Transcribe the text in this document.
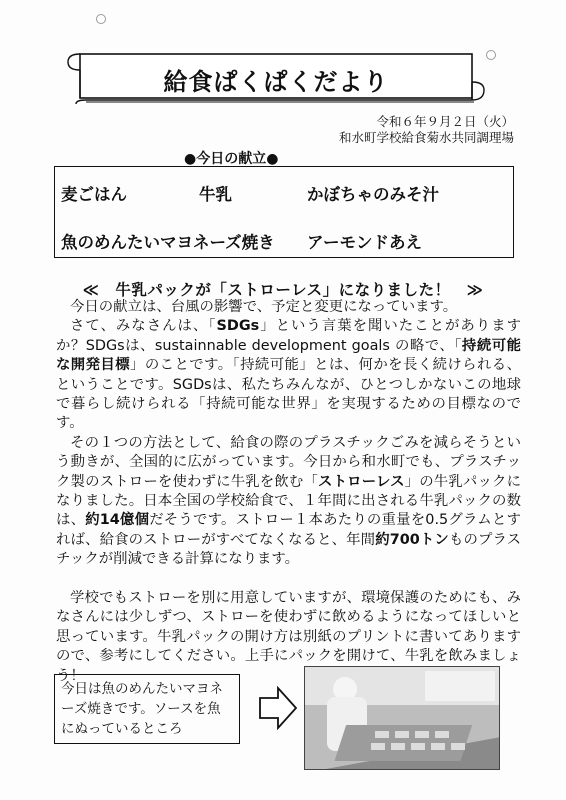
給食ぱくぱくだより
令和６年９月２日（火）
和水町学校給食菊水共同調理場
●今日の献立●
麦ごはん	牛乳	かぼちゃのみそ汁
魚のめんたいマヨネーズ焼き アーモンドあえ
≪　牛乳パックが「ストローレス」になりました！　≫

今日の献立は、台風の影響で、予定と変更になっています。

さて、みなさんは、「SDGs」という言葉を聞いたことがありますか？SDGsは、sustainnable development goals の略で、「持続可能な開発目標」のことです。「持続可能」とは、何かを長く続けられる、ということです。SGDsは、私たちみんなが、ひとつしかないこの地球で暮らし続けられる「持続可能な世界」を実現するための目標なのです。

その１つの方法として、給食の際のプラスチックごみを減らそうという動きが、全国的に広がっています。今日から和水町でも、プラスチック製のストローを使わずに牛乳を飲む「ストローレス」の牛乳パックになりました。日本全国の学校給食で、１年間に出される牛乳パックの数は、約14億個だそうです。ストロー１本あたりの重量を0.5グラムとすれば、給食のストローがすべてなくなると、年間約700トンものプラスチックが削減できる計算になります。

学校でもストローを別に用意していますが、環境保護のためにも、みなさんには少しずつ、ストローを使わずに飲めるようになってほしいと思っています。牛乳パックの開け方は別紙のプリントに書いてありますので、参考にしてください。上手にパックを開けて、牛乳を飲みましょう！

今日は魚のめんたいマヨネーズ焼きです。ソースを魚にぬっているところ
